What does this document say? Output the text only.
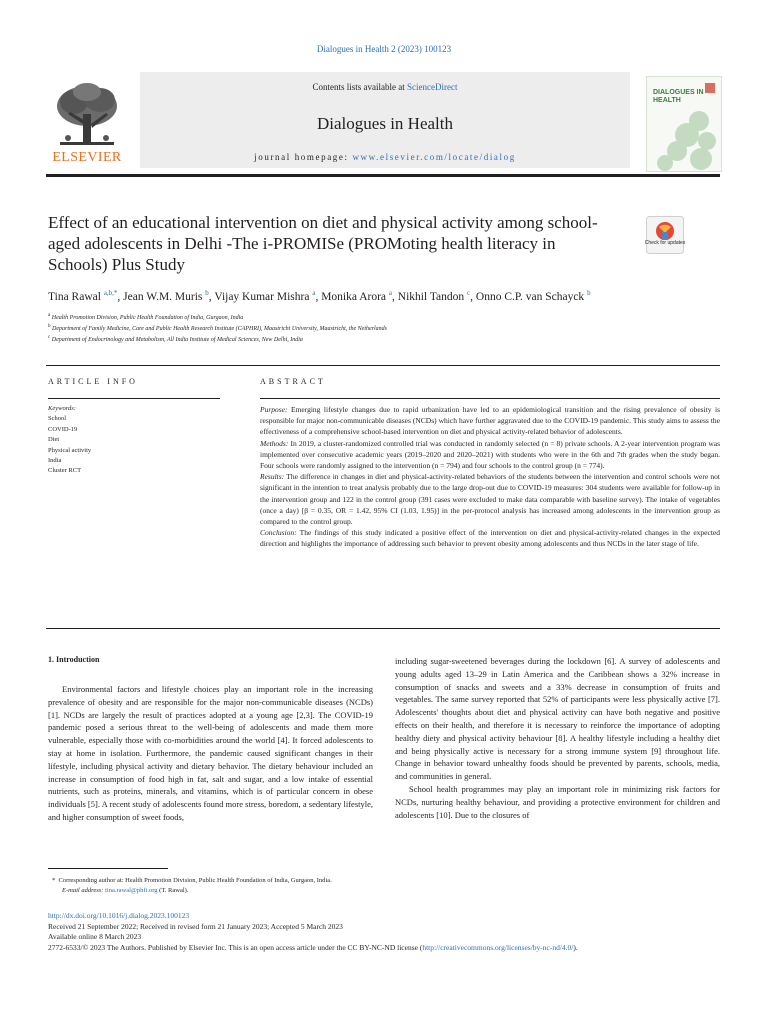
Dialogues in Health 2 (2023) 100123
Contents lists available at ScienceDirect
Dialogues in Health
journal homepage: www.elsevier.com/locate/dialog
ELSEVIER
DIALOGUES IN HEALTH
Effect of an educational intervention on diet and physical activity among school-aged adolescents in Delhi -The i-PROMISe (PROMoting health literacy in Schools) Plus Study
Check for updates
Tina Rawal $^{a,b,*}$, Jean W.M. Muris $^b$, Vijay Kumar Mishra $^a$, Monika Arora $^a$, Nikhil Tandon $^c$, Onno C.P. van Schayck $^b$
$^a$ Health Promotion Division, Public Health Foundation of India, Gurgaon, India
$^b$ Department of Family Medicine, Care and Public Health Research Institute (CAPHRI), Maastricht University, Maastricht, the Netherlands
$^c$ Department of Endocrinology and Metabolism, All India Institute of Medical Sciences, New Delhi, India
ARTICLE INFO
Keywords:
School
COVID-19
Diet
Physical activity
India
Cluster RCT
ABSTRACT

Purpose: Emerging lifestyle changes due to rapid urbanization have led to an epidemiological transition and the rising prevalence of obesity is responsible for major non-communicable diseases (NCDs) which have further aggravated due to the COVID-19 pandemic. This study aims to assess the effectiveness of a comprehensive school-based intervention on diet and physical activity-related behavior of adolescents.

Methods: In 2019, a cluster-randomized controlled trial was conducted in randomly selected (n = 8) private schools. A 2-year intervention program was implemented over consecutive academic years (2019–2020 and 2020–2021) with students who were in the 6th and 7th grades when the study began. Four schools were randomly assigned to the intervention (n = 794) and four schools to the control group (n = 774).

Results: The difference in changes in diet and physical-activity-related behaviors of the students between the intervention and control schools were not significant in the intention to treat analysis probably due to the large drop-out due to COVID-19 measures: 304 students were available for follow-up in the intervention group and 122 in the control group (391 cases were excluded to make data comparable with baseline survey). The intake of vegetables (once a day) [β = 0.35, OR = 1.42, 95% CI (1.03, 1.95)] in the per-protocol analysis has increased among adolescents in the intervention group as compared to the control group.

Conclusion: The findings of this study indicated a positive effect of the intervention on diet and physical-activity-related changes in the expected direction and highlights the importance of addressing such behavior to prevent obesity among adolescents and thus NCDs in the later stage of life.

1. Introduction

Environmental factors and lifestyle choices play an important role in the increasing prevalence of obesity and are responsible for the major non-communicable diseases (NCDs) [1]. NCDs are largely the result of practices adopted at a young age [2,3]. The COVID-19 pandemic posed a serious threat to the well-being of adolescents and made them more vulnerable, especially those with co-morbidities around the world [4]. It forced adolescents to stay at home in isolation. Furthermore, the pandemic caused significant changes in their lifestyle, including physical activity and dietary behavior. The dietary behaviour included an increase in consumption of food high in fat, salt and sugar, and a low intake of essential nutrients, such as proteins, minerals, and vitamins, which is of particular concern in obese individuals [5]. A recent study of adolescents found more stress, boredom, a sedentary lifestyle, and higher consumption of sweet foods,

including sugar-sweetened beverages during the lockdown [6]. A survey of adolescents and young adults aged 13–29 in Latin America and the Caribbean shows a 32% increase in consumption of snacks and sweets and a 33% decrease in consumption of fruits and vegetables. The same survey reported that 52% of participants were less physically active [7]. Adolescents' thoughts about diet and physical activity can have both negative and positive effects on their health, and therefore it is necessary to reinforce the importance of adopting healthy diety and physical activity behaviour [8]. A healthy lifestyle including a healthy diet and being physically active is necessary for a strong immune system [9] throughout life. Change in behavior toward unhealthy foods should be prevented by parents, schools, media, and communities in general.

School health programmes may play an important role in minimizing risk factors for NCDs, nurturing healthy behaviour, and providing a protective environment for children and adolescents [10]. Due to the closures of

* Corresponding author at: Health Promotion Division, Public Health Foundation of India, Gurgaon, India.
E-mail address: tina.rawal@phfi.org (T. Rawal).
http://dx.doi.org/10.1016/j.dialog.2023.100123
Received 21 September 2022; Received in revised form 21 January 2023; Accepted 5 March 2023
Available online 8 March 2023
2772-6533/© 2023 The Authors. Published by Elsevier Inc. This is an open access article under the CC BY-NC-ND license (http://creativecommons.org/licenses/by-nc-nd/4.0/).
